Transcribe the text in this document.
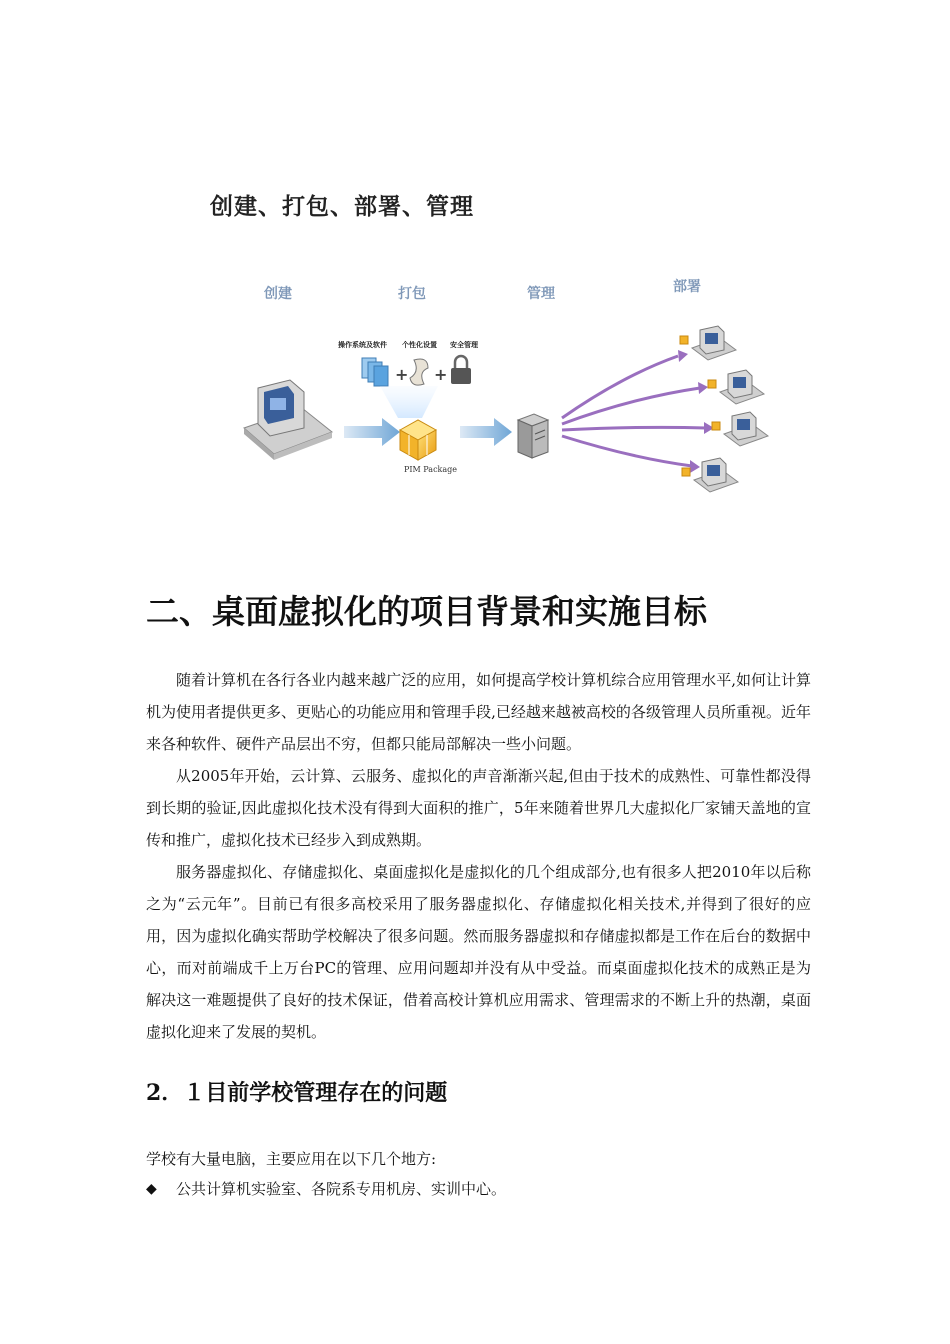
创建、打包、部署、管理
创建	打包	管理	部署
操作系统及软件 个性化设置 安全管理
+ +
PIM Package
二、桌面虚拟化的项目背景和实施目标

随着计算机在各行各业内越来越广泛的应用，如何提高学校计算机综合应用管理水平,如何让计算机为使用者提供更多、更贴心的功能应用和管理手段,已经越来越被高校的各级管理人员所重视。近年来各种软件、硬件产品层出不穷，但都只能局部解决一些小问题。

从2005年开始，云计算、云服务、虚拟化的声音渐渐兴起,但由于技术的成熟性、可靠性都没得到长期的验证,因此虚拟化技术没有得到大面积的推广，5年来随着世界几大虚拟化厂家铺天盖地的宣传和推广，虚拟化技术已经步入到成熟期。

服务器虚拟化、存储虚拟化、桌面虚拟化是虚拟化的几个组成部分,也有很多人把2010年以后称之为“云元年”。目前已有很多高校采用了服务器虚拟化、存储虚拟化相关技术,并得到了很好的应用，因为虚拟化确实帮助学校解决了很多问题。然而服务器虚拟和存储虚拟都是工作在后台的数据中心，而对前端成千上万台PC的管理、应用问题却并没有从中受益。而桌面虚拟化技术的成熟正是为解决这一难题提供了良好的技术保证，借着高校计算机应用需求、管理需求的不断上升的热潮，桌面虚拟化迎来了发展的契机。

2．１目前学校管理存在的问题
学校有大量电脑，主要应用在以下几个地方:
◆	公共计算机实验室、各院系专用机房、实训中心。
